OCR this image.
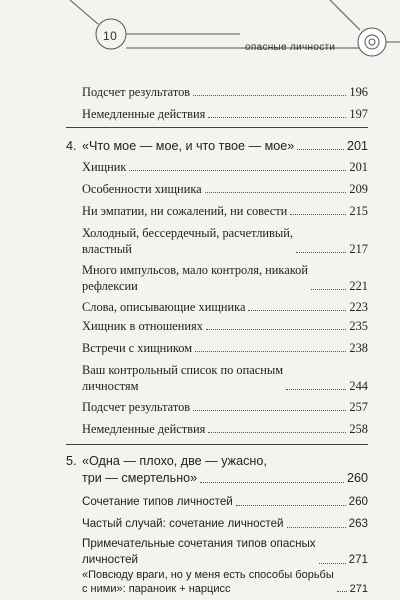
10
опасные личности
Подсчет результатов	196
Немедленные действия	197
4. «Что мое — мое, и что твое — мое»	201
Хищник	201
Особенности хищника	209
Ни эмпатии, ни сожалений, ни совести	215
Холодный, бессердечный, расчетливый,
властный	217
Много импульсов, мало контроля, никакой
рефлексии	221
Слова, описывающие хищника	223
Хищник в отношениях	235
Встречи с хищником	238
Ваш контрольный список по опасным
личностям	244
Подсчет результатов	257
Немедленные действия	258
5. «Одна — плохо, две — ужасно,
три — смертельно»	260
Сочетание типов личностей	260
Частый случай: сочетание личностей	263
Примечательные сочетания типов опасных
личностей	271
«Повсюду враги, но у меня есть способы борьбы
с ними»: параноик + нарцисс	271
